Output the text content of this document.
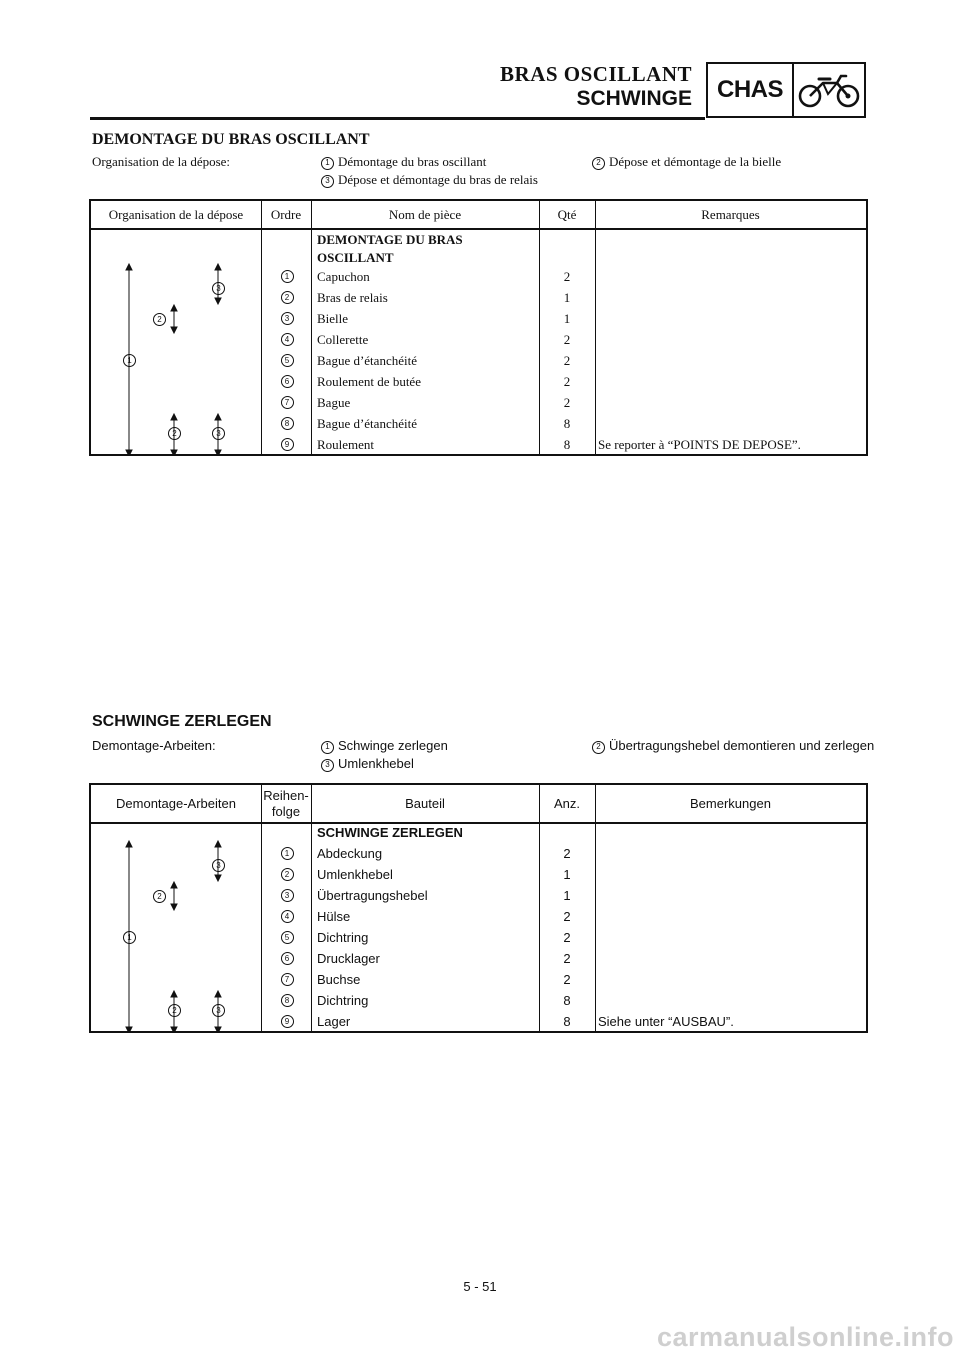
BRAS OSCILLANT
SCHWINGE	CHAS
DEMONTAGE DU BRAS OSCILLANT
Organisation de la dépose:	1 Démontage du bras oscillant	2 Dépose et démontage de la bielle
3 Dépose et démontage du bras de relais
Organisation de la dépose	Ordre	Nom de pièce	Qté	Remarques
DEMONTAGE DU BRAS
OSCILLANT
1	Capuchon	2
2	Bras de relais	1
3	Bielle	1
4	Collerette	2
5	Bague d’étanchéité	2
6	Roulement de butée	2
7	Bague	2
8	Bague d’étanchéité	8
9	Roulement	8	Se reporter à “POINTS DE DEPOSE”.
3
2
1
2	3
SCHWINGE ZERLEGEN
Demontage-Arbeiten:	1 Schwinge zerlegen	2 Übertragungshebel demontieren und zerlegen
3 Umlenkhebel
Demontage-Arbeiten
Reihen-
folge
Bauteil	Anz.	Bemerkungen
SCHWINGE ZERLEGEN
1	Abdeckung	2
2	Umlenkhebel	1
3	Übertragungshebel	1
4	Hülse	2
5	Dichtring	2
6	Drucklager	2
7	Buchse	2
8	Dichtring	8
9	Lager	8	Siehe unter “AUSBAU”.
3
2
1
2	3
5 - 51
carmanualsonline.info
